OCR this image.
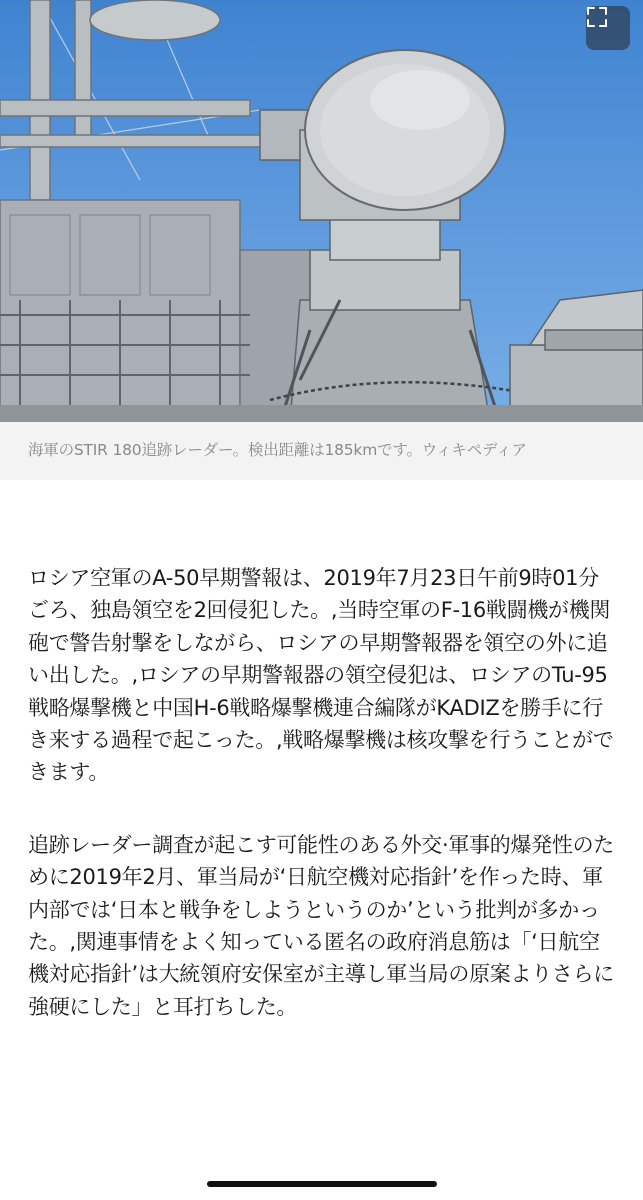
海軍のSTIR 180追跡レーダー。検出距離は185kmです。ウィキペディア

ロシア空軍のA-50早期警報は、2019年7月23日午前9時01分ごろ、独島領空を2回侵犯した。,当時空軍のF-16戦闘機が機関砲で警告射撃をしながら、ロシアの早期警報器を領空の外に追い出した。,ロシアの早期警報器の領空侵犯は、ロシアのTu-95戦略爆撃機と中国H-6戦略爆撃機連合編隊がKADIZを勝手に行き来する過程で起こった。,戦略爆撃機は核攻撃を行うことができます。

追跡レーダー調査が起こす可能性のある外交·軍事的爆発性のために2019年2月、軍当局が‘日航空機対応指針’を作った時、軍内部では‘日本と戦争をしようというのか’という批判が多かった。,関連事情をよく知っている匿名の政府消息筋は「‘日航空機対応指針’は大統領府安保室が主導し軍当局の原案よりさらに強硬にした」と耳打ちした。
